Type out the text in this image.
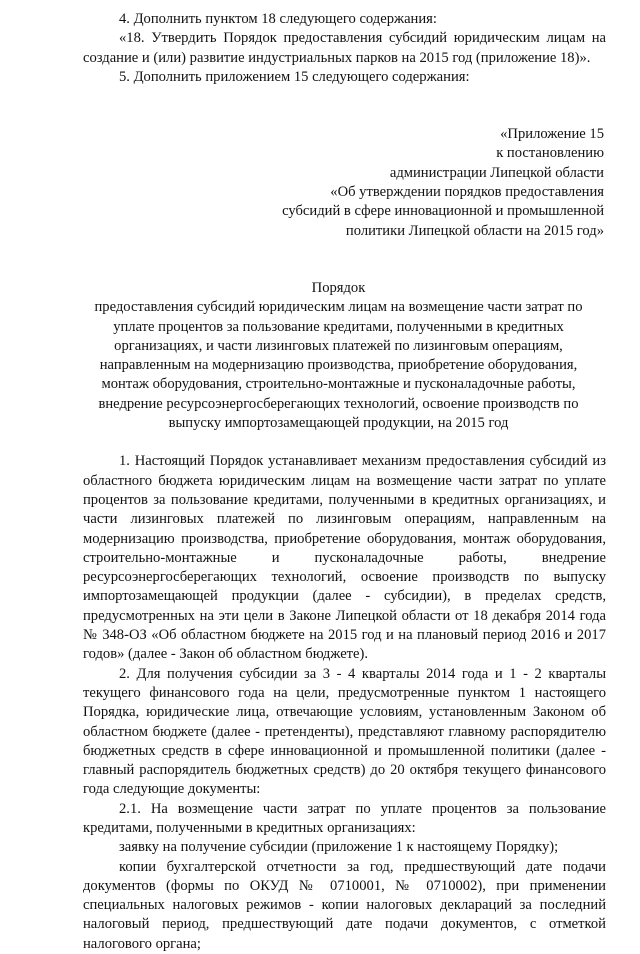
4. Дополнить пунктом 18 следующего содержания:

«18. Утвердить Порядок предоставления субсидий юридическим лицам на создание и (или) развитие индустриальных парков на 2015 год (приложение 18)».

5. Дополнить приложением 15 следующего содержания:

«Приложение 15

к постановлению

администрации Липецкой области

«Об утверждении порядков предоставления

субсидий в сфере инновационной и промышленной

политики Липецкой области на 2015 год»

Порядок

предоставления субсидий юридическим лицам на возмещение части затрат по

уплате процентов за пользование кредитами, полученными в кредитных

организациях, и части лизинговых платежей по лизинговым операциям,

направленным на модернизацию производства, приобретение оборудования,

монтаж оборудования, строительно-монтажные и пусконаладочные работы,

внедрение ресурсоэнергосберегающих технологий, освоение производств по

выпуску импортозамещающей продукции, на 2015 год

1. Настоящий Порядок устанавливает механизм предоставления субсидий из областного бюджета юридическим лицам на возмещение части затрат по уплате процентов за пользование кредитами, полученными в кредитных организациях, и части лизинговых платежей по лизинговым операциям, направленным на модернизацию производства, приобретение оборудования, монтаж оборудования, строительно-монтажные и пусконаладочные работы, внедрение ресурсоэнергосберегающих технологий, освоение производств по выпуску импортозамещающей продукции (далее - субсидии), в пределах средств, предусмотренных на эти цели в Законе Липецкой области от 18 декабря 2014 года № 348-ОЗ «Об областном бюджете на 2015 год и на плановый период 2016 и 2017 годов» (далее - Закон об областном бюджете).

2. Для получения субсидии за 3 - 4 кварталы 2014 года и 1 - 2 кварталы текущего финансового года на цели, предусмотренные пунктом 1 настоящего Порядка, юридические лица, отвечающие условиям, установленным Законом об областном бюджете (далее - претенденты), представляют главному распорядителю бюджетных средств в сфере инновационной и промышленной политики (далее - главный распорядитель бюджетных средств) до 20 октября текущего финансового года следующие документы:

2.1. На возмещение части затрат по уплате процентов за пользование кредитами, полученными в кредитных организациях:

заявку на получение субсидии (приложение 1 к настоящему Порядку);

копии бухгалтерской отчетности за год, предшествующий дате подачи документов (формы по ОКУД № 0710001, № 0710002), при применении специальных налоговых режимов - копии налоговых деклараций за последний налоговый период, предшествующий дате подачи документов, с отметкой налогового органа;
